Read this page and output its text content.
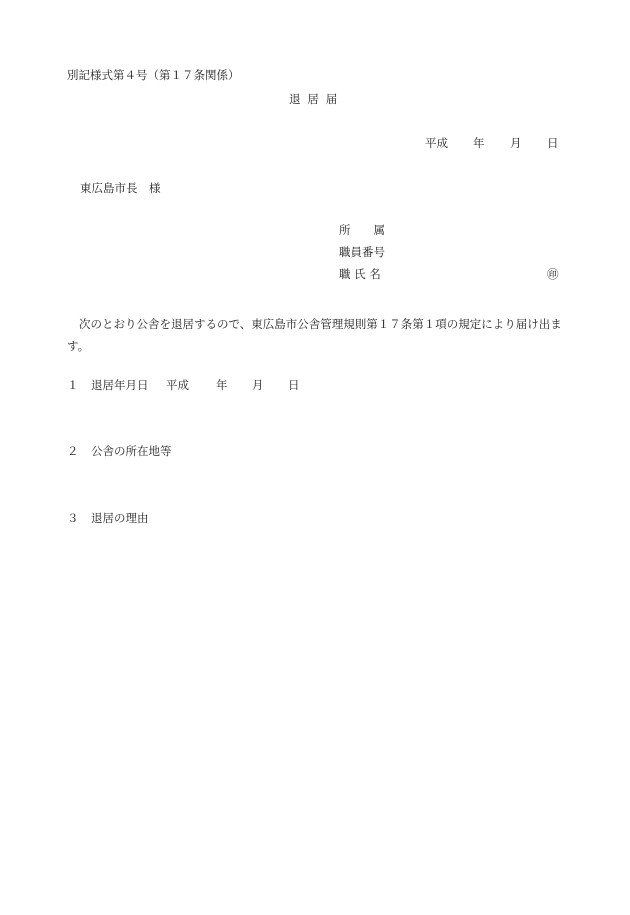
別記様式第４号（第１７条関係）
退居届
平成 年 月 日
東広島市長　様
所　　属
職員番号
職 氏 名	㊞
次のとおり公舎を退居するので、東広島市公舎管理規則第１７条第１項の規定により届け出ます。
１ 退居年月日 平成 年 月 日
２ 公舎の所在地等
３ 退居の理由
